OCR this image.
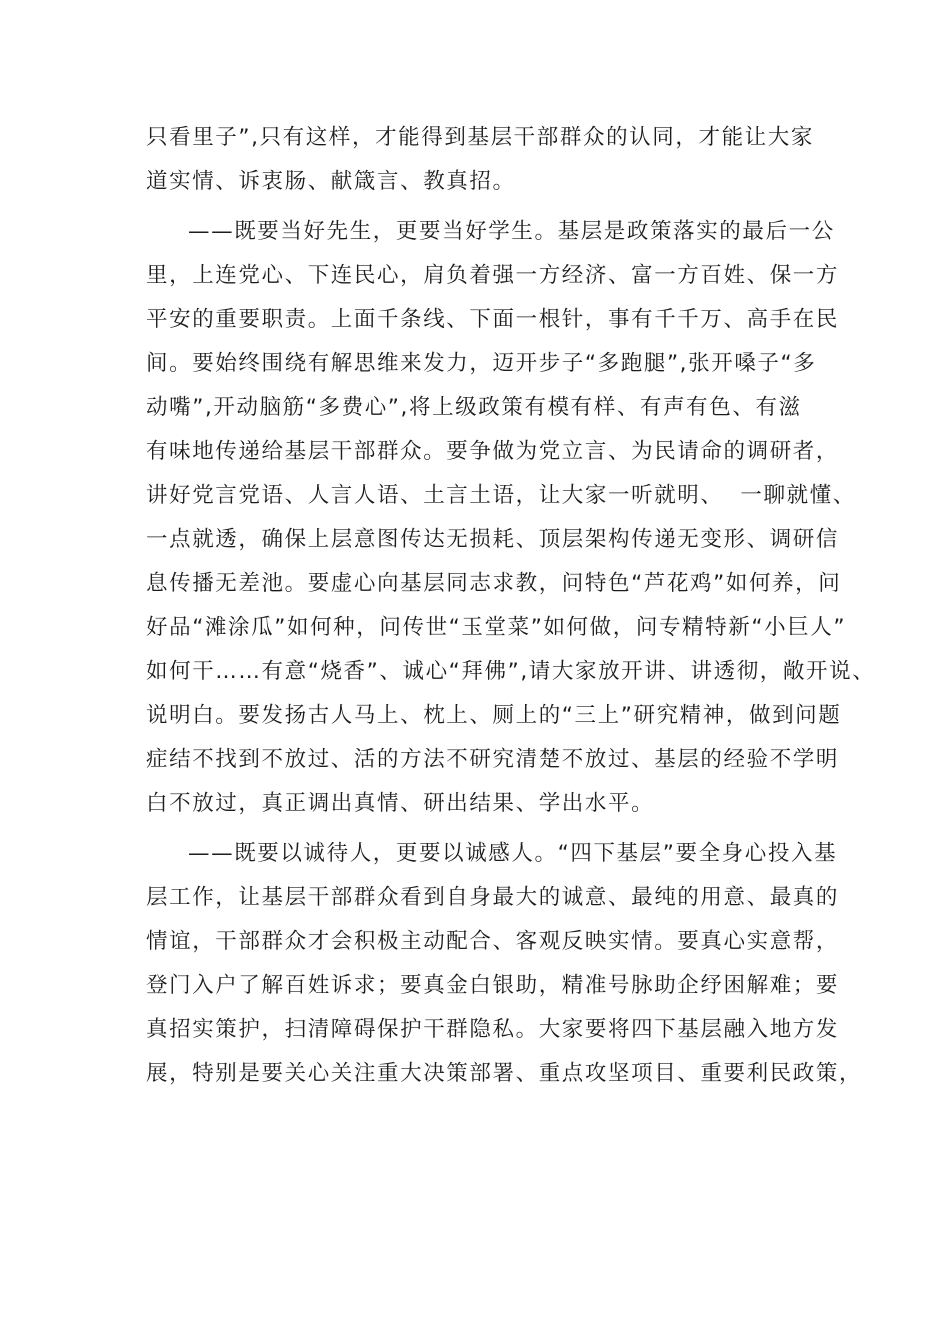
只看里子”,只有这样，才能得到基层干部群众的认同，才能让大家
道实情、诉衷肠、献箴言、教真招。
——既要当好先生，更要当好学生。基层是政策落实的最后一公
里，上连党心、下连民心，肩负着强一方经济、富一方百姓、保一方
平安的重要职责。上面千条线、下面一根针，事有千千万、高手在民
间。要始终围绕有解思维来发力，迈开步子“多跑腿”,张开嗓子“多
动嘴”,开动脑筋“多费心”,将上级政策有模有样、有声有色、有滋
有味地传递给基层干部群众。要争做为党立言、为民请命的调研者，
讲好党言党语、人言人语、土言土语，让大家一听就明、  一聊就懂、
一点就透，确保上层意图传达无损耗、顶层架构传递无变形、调研信
息传播无差池。要虚心向基层同志求教，问特色“芦花鸡”如何养，问
好品“滩涂瓜”如何种，问传世“玉堂菜”如何做，问专精特新“小巨人”
如何干……有意“烧香”、诚心“拜佛”,请大家放开讲、讲透彻，敞开说、
说明白。要发扬古人马上、枕上、厕上的“三上”研究精神，做到问题
症结不找到不放过、活的方法不研究清楚不放过、基层的经验不学明
白不放过，真正调出真情、研出结果、学出水平。
——既要以诚待人，更要以诚感人。“四下基层”要全身心投入基
层工作，让基层干部群众看到自身最大的诚意、最纯的用意、最真的
情谊，干部群众才会积极主动配合、客观反映实情。要真心实意帮，
登门入户了解百姓诉求；要真金白银助，精准号脉助企纾困解难；要
真招实策护，扫清障碍保护干群隐私。大家要将四下基层融入地方发
展，特别是要关心关注重大决策部署、重点攻坚项目、重要利民政策，
